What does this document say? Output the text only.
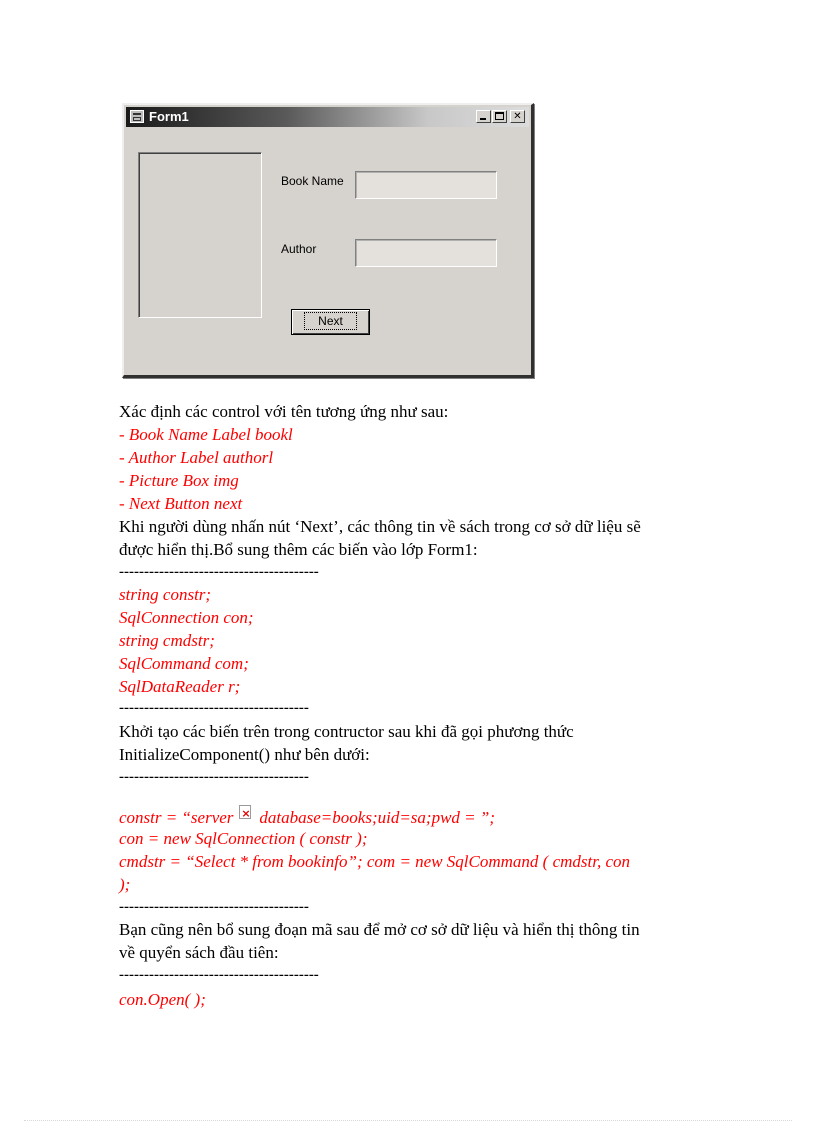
Form1	✕
Book Name
Author
Next
Xác định các control với tên tương ứng như sau:
- Book Name Label bookl
- Author Label authorl
- Picture Box img
- Next Button next
Khi người dùng nhấn nút ‘Next’, các thông tin về sách trong cơ sở dữ liệu sẽ
được hiển thị.Bổ sung thêm các biến vào lớp Form1:
----------------------------------------
string constr;
SqlConnection con;
string cmdstr;
SqlCommand com;
SqlDataReader r;
--------------------------------------
Khởi tạo các biến trên trong contructor sau khi đã gọi phương thức
InitializeComponent() như bên dưới:
--------------------------------------
constr = “server× database=books;uid=sa;pwd = ”;
con = new SqlConnection ( constr );
cmdstr = “Select * from bookinfo”; com = new SqlCommand ( cmdstr, con
);
--------------------------------------
Bạn cũng nên bổ sung đoạn mã sau để mở cơ sở dữ liệu và hiển thị thông tin
về quyển sách đầu tiên:
----------------------------------------
con.Open( );
